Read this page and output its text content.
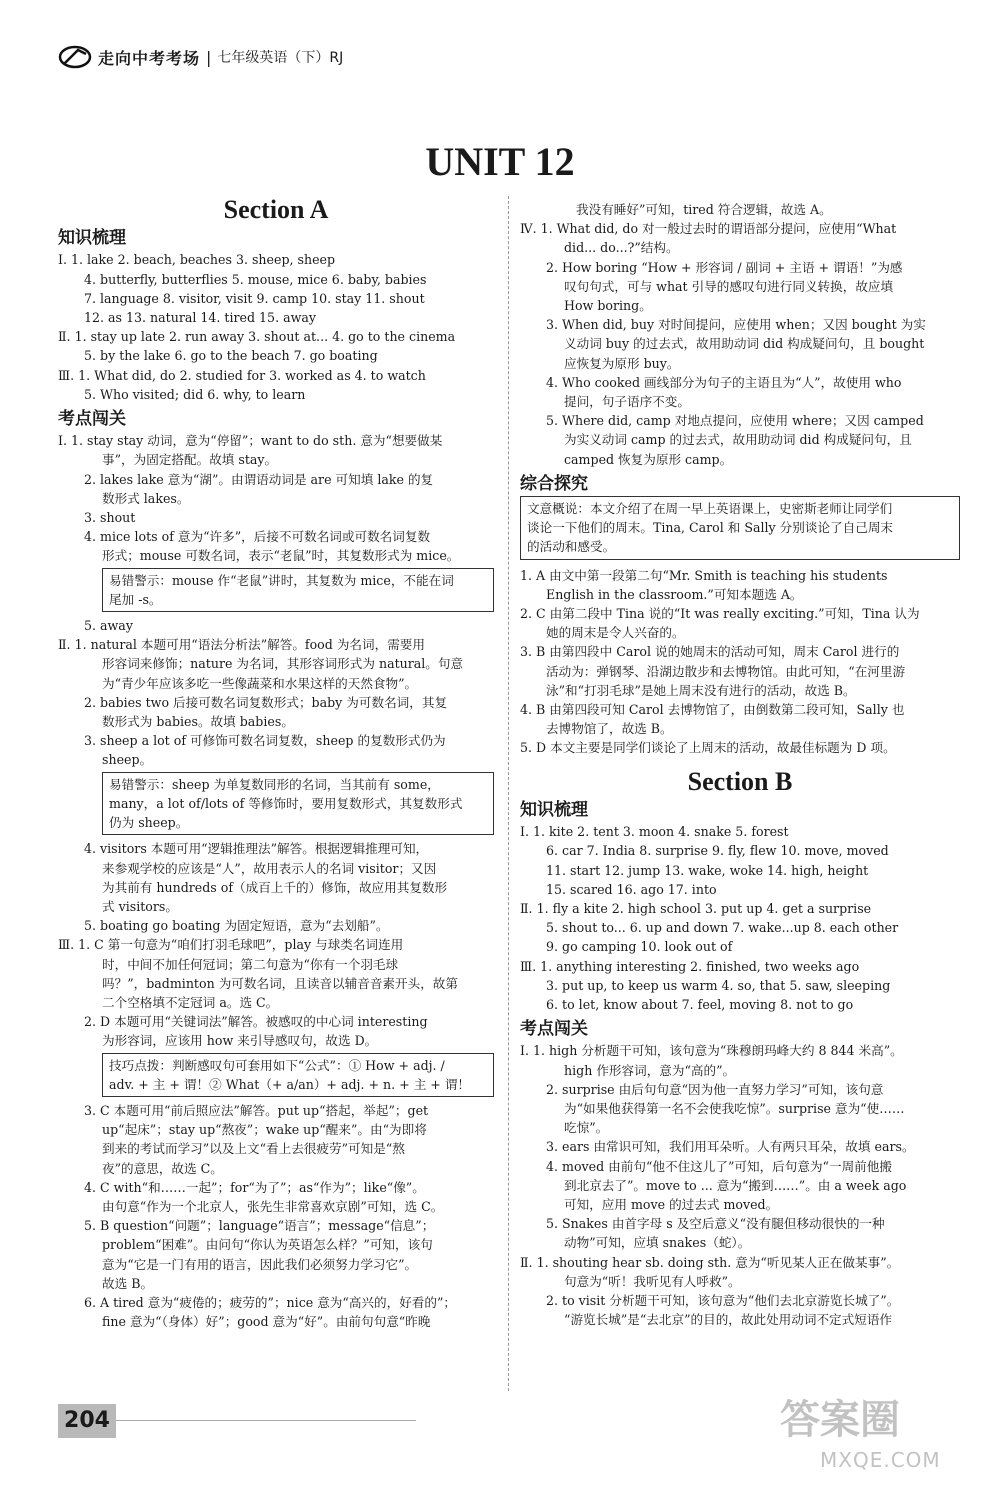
走向中考考场 | 七年级英语（下）RJ
UNIT 12
Section A
知识梳理
Ⅰ. 1. lake 2. beach, beaches 3. sheep, sheep
4. butterfly, butterflies 5. mouse, mice 6. baby, babies
7. language 8. visitor, visit 9. camp 10. stay 11. shout
12. as 13. natural 14. tired 15. away
Ⅱ. 1. stay up late 2. run away 3. shout at... 4. go to the cinema
5. by the lake 6. go to the beach 7. go boating
Ⅲ. 1. What did, do 2. studied for 3. worked as 4. to watch
5. Who visited; did 6. why, to learn
考点闯关
Ⅰ. 1. stay stay 动词，意为“停留”；want to do sth. 意为“想要做某
事”，为固定搭配。故填 stay。
2. lakes lake 意为“湖”。由谓语动词是 are 可知填 lake 的复
数形式 lakes。
3. shout
4. mice lots of 意为“许多”，后接不可数名词或可数名词复数
形式；mouse 可数名词，表示“老鼠”时，其复数形式为 mice。
易错警示：mouse 作“老鼠”讲时，其复数为 mice，不能在词
尾加 -s。
5. away
Ⅱ. 1. natural 本题可用“语法分析法”解答。food 为名词，需要用
形容词来修饰；nature 为名词，其形容词形式为 natural。句意
为“青少年应该多吃一些像蔬菜和水果这样的天然食物”。
2. babies two 后接可数名词复数形式；baby 为可数名词，其复
数形式为 babies。故填 babies。
3. sheep a lot of 可修饰可数名词复数，sheep 的复数形式仍为
sheep。
易错警示：sheep 为单复数同形的名词，当其前有 some，
many，a lot of/lots of 等修饰时，要用复数形式，其复数形式
仍为 sheep。
4. visitors 本题可用“逻辑推理法”解答。根据逻辑推理可知，
来参观学校的应该是“人”，故用表示人的名词 visitor；又因
为其前有 hundreds of（成百上千的）修饰，故应用其复数形
式 visitors。
5. boating go boating 为固定短语，意为“去划船”。
Ⅲ. 1. C 第一句意为“咱们打羽毛球吧”，play 与球类名词连用
时，中间不加任何冠词；第二句意为“你有一个羽毛球
吗？”，badminton 为可数名词，且读音以辅音音素开头，故第
二个空格填不定冠词 a。选 C。
2. D 本题可用“关键词法”解答。被感叹的中心词 interesting
为形容词，应该用 how 来引导感叹句，故选 D。
技巧点拨：判断感叹句可套用如下“公式”：① How + adj. /
adv. + 主 + 谓！② What（+ a/an）+ adj. + n. + 主 + 谓！
3. C 本题可用“前后照应法”解答。put up“搭起，举起”；get
up“起床”；stay up“熬夜”；wake up“醒来”。由“为即将
到来的考试而学习”以及上文“看上去很疲劳”可知是“熬
夜”的意思，故选 C。
4. C with“和……一起”；for“为了”；as“作为”；like“像”。
由句意“作为一个北京人，张先生非常喜欢京剧”可知，选 C。
5. B question“问题”；language“语言”；message“信息”；
problem“困难”。由问句“你认为英语怎么样？”可知，该句
意为“它是一门有用的语言，因此我们必须努力学习它”。
故选 B。
6. A tired 意为“疲倦的；疲劳的”；nice 意为“高兴的，好看的”；
fine 意为“（身体）好”；good 意为“好”。由前句句意“昨晚
我没有睡好”可知，tired 符合逻辑，故选 A。
Ⅳ. 1. What did, do 对一般过去时的谓语部分提问，应使用“What
did... do...?”结构。
2. How boring “How + 形容词 / 副词 + 主语 + 谓语！”为感
叹句句式，可与 what 引导的感叹句进行同义转换，故应填
How boring。
3. When did, buy 对时间提问，应使用 when；又因 bought 为实
义动词 buy 的过去式，故用助动词 did 构成疑问句，且 bought
应恢复为原形 buy。
4. Who cooked 画线部分为句子的主语且为“人”，故使用 who
提问，句子语序不变。
5. Where did, camp 对地点提问，应使用 where；又因 camped
为实义动词 camp 的过去式，故用助动词 did 构成疑问句，且
camped 恢复为原形 camp。
综合探究
文意概说：本文介绍了在周一早上英语课上，史密斯老师让同学们
谈论一下他们的周末。Tina, Carol 和 Sally 分别谈论了自己周末
的活动和感受。
1. A 由文中第一段第二句“Mr. Smith is teaching his students
English in the classroom.”可知本题选 A。
2. C 由第二段中 Tina 说的“It was really exciting.”可知，Tina 认为
她的周末是令人兴奋的。
3. B 由第四段中 Carol 说的她周末的活动可知，周末 Carol 进行的
活动为：弹钢琴、沿湖边散步和去博物馆。由此可知，“在河里游
泳”和“打羽毛球”是她上周末没有进行的活动，故选 B。
4. B 由第四段可知 Carol 去博物馆了，由倒数第二段可知，Sally 也
去博物馆了，故选 B。
5. D 本文主要是同学们谈论了上周末的活动，故最佳标题为 D 项。
Section B
知识梳理
Ⅰ. 1. kite 2. tent 3. moon 4. snake 5. forest
6. car 7. India 8. surprise 9. fly, flew 10. move, moved
11. start 12. jump 13. wake, woke 14. high, height
15. scared 16. ago 17. into
Ⅱ. 1. fly a kite 2. high school 3. put up 4. get a surprise
5. shout to... 6. up and down 7. wake...up 8. each other
9. go camping 10. look out of
Ⅲ. 1. anything interesting 2. finished, two weeks ago
3. put up, to keep us warm 4. so, that 5. saw, sleeping
6. to let, know about 7. feel, moving 8. not to go
考点闯关
Ⅰ. 1. high 分析题干可知，该句意为“珠穆朗玛峰大约 8 844 米高”。
high 作形容词，意为“高的”。
2. surprise 由后句句意“因为他一直努力学习”可知，该句意
为“如果他获得第一名不会使我吃惊”。surprise 意为“使……
吃惊”。
3. ears 由常识可知，我们用耳朵听。人有两只耳朵，故填 ears。
4. moved 由前句“他不住这儿了”可知，后句意为“一周前他搬
到北京去了”。move to ... 意为“搬到……”。由 a week ago
可知，应用 move 的过去式 moved。
5. Snakes 由首字母 s 及空后意义“没有腿但移动很快的一种
动物”可知，应填 snakes（蛇）。
Ⅱ. 1. shouting hear sb. doing sth. 意为“听见某人正在做某事”。
句意为“听！我听见有人呼救”。
2. to visit 分析题干可知，该句意为“他们去北京游览长城了”。
“游览长城”是“去北京”的目的，故此处用动词不定式短语作
204	答案圈
MXQE.COM
